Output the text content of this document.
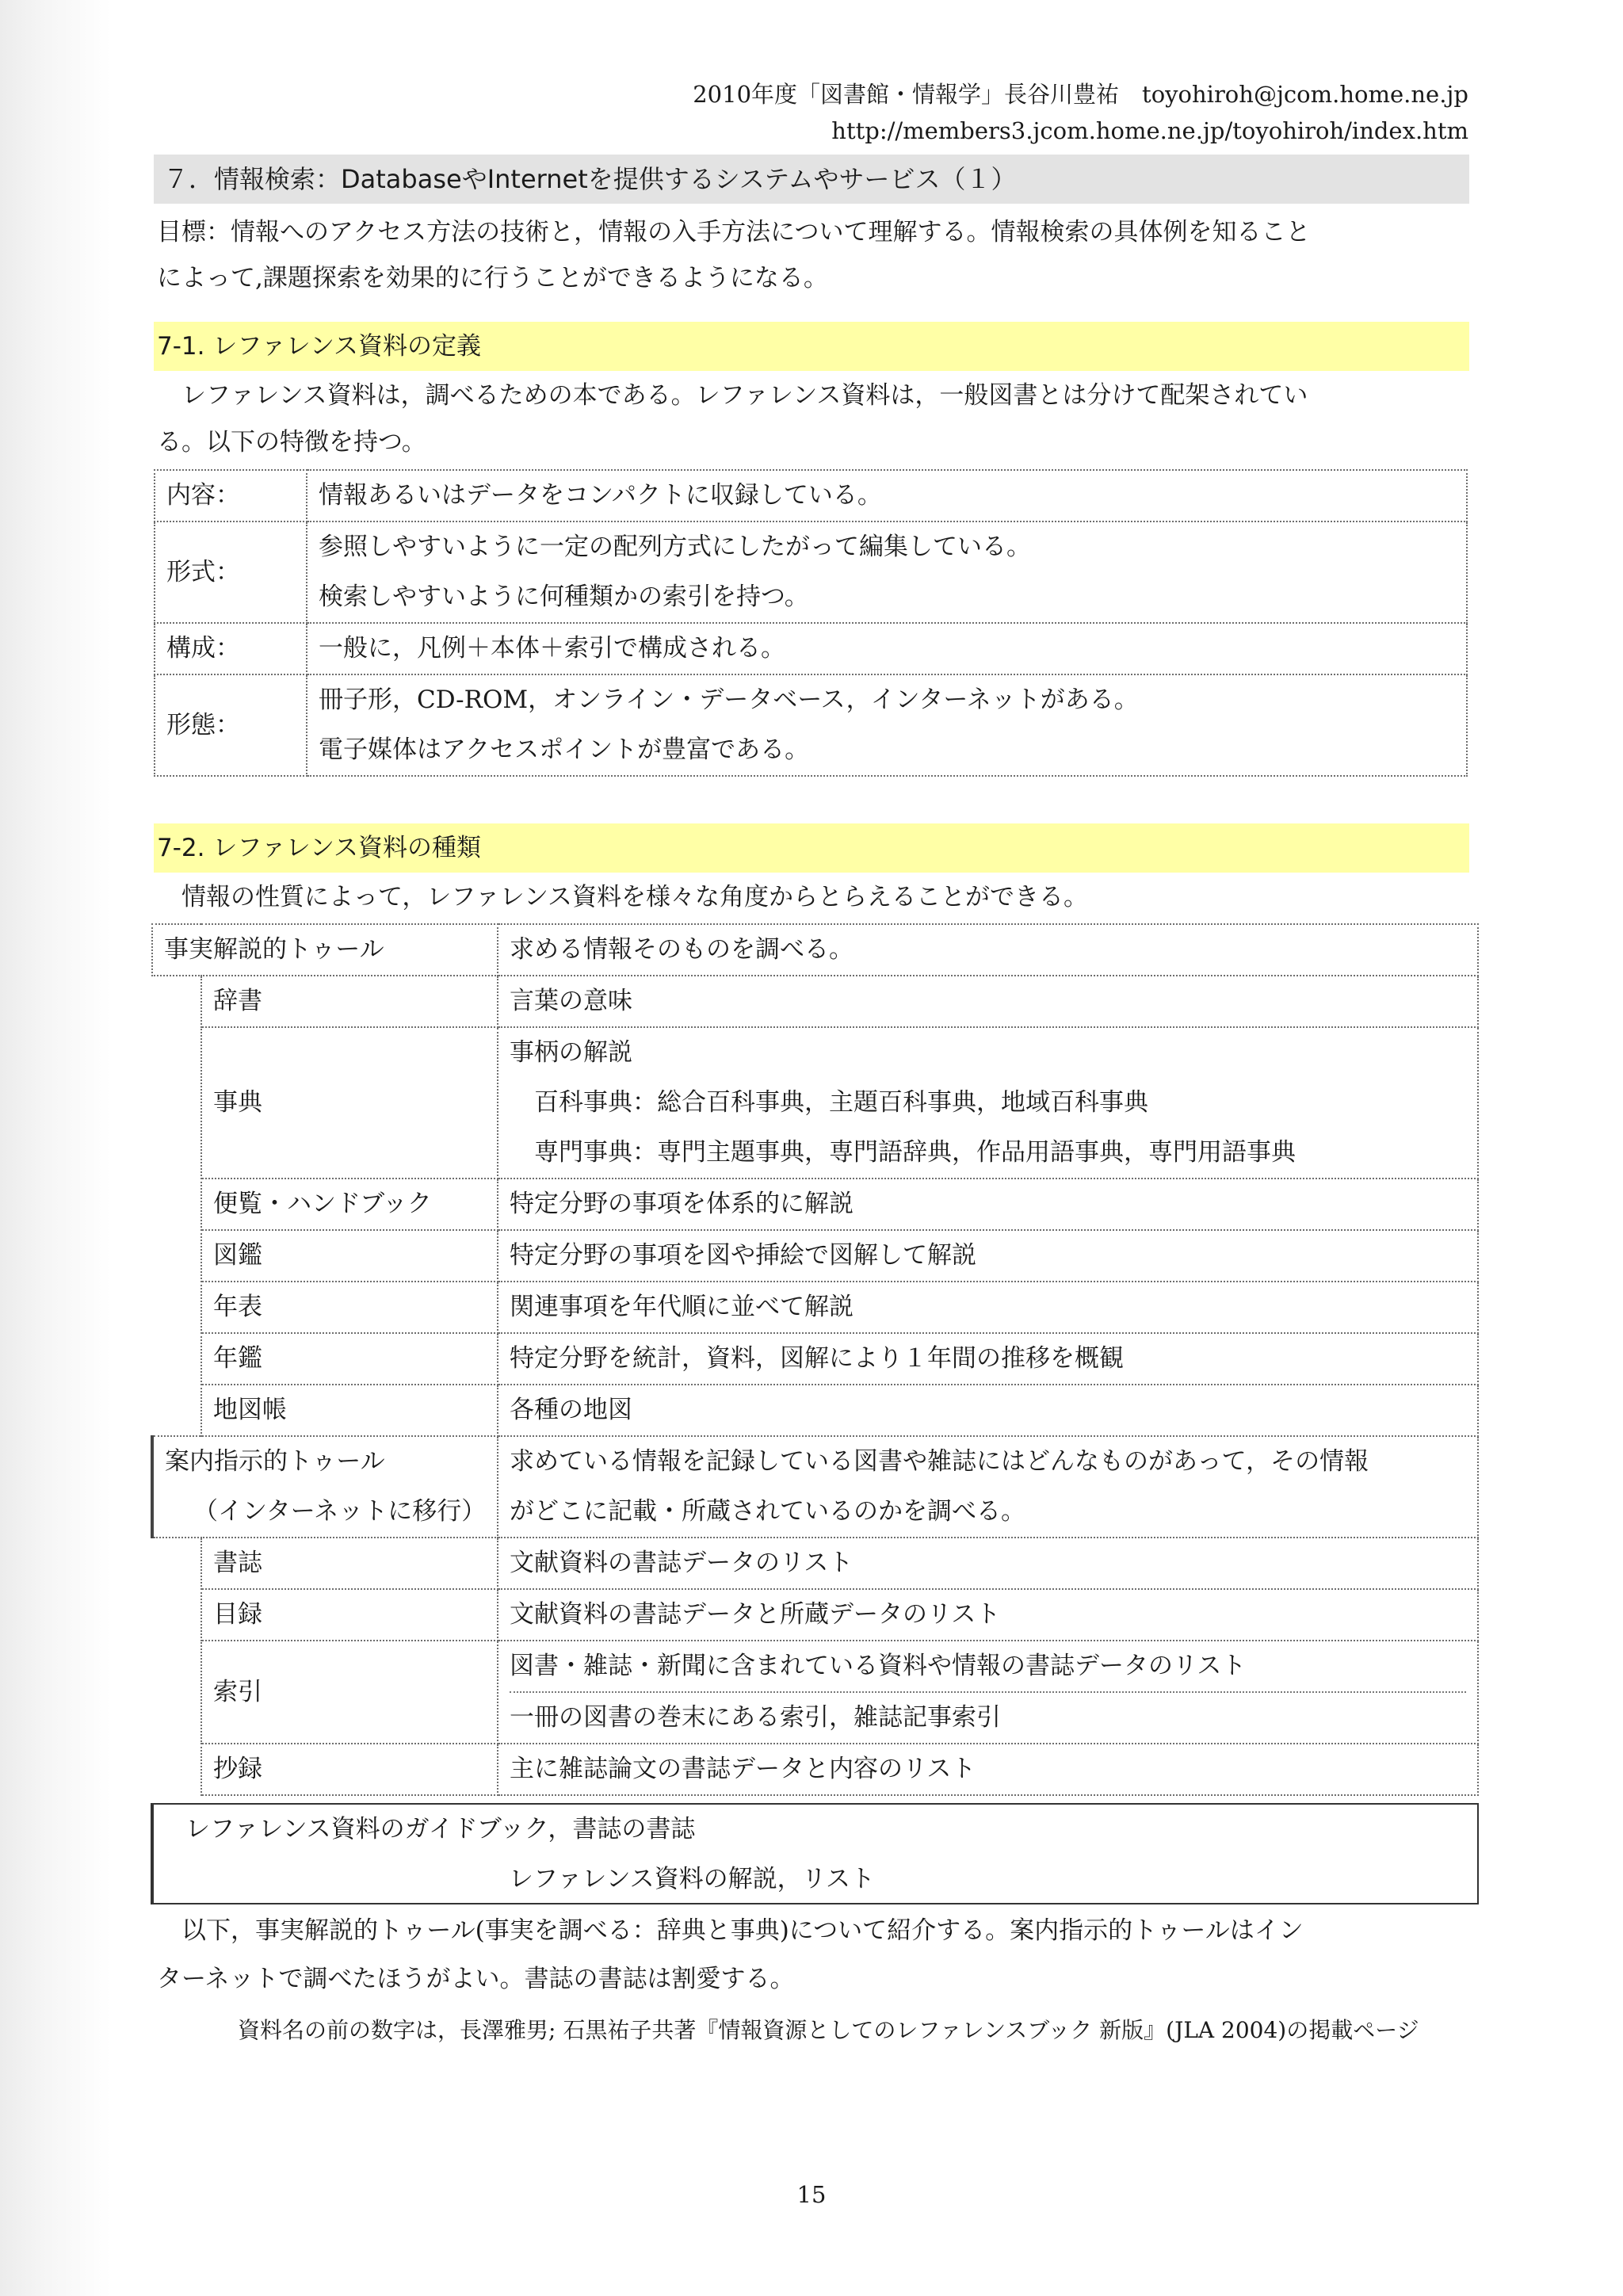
2010年度「図書館・情報学」長谷川豊祐　toyohiroh@jcom.home.ne.jp
http://members3.jcom.home.ne.jp/toyohiroh/index.htm
７．情報検索：DatabaseやInternetを提供するシステムやサービス（１）
目標：情報へのアクセス方法の技術と，情報の入手方法について理解する。情報検索の具体例を知ること
によって,課題探索を効果的に行うことができるようになる。
7-1. レファレンス資料の定義
　レファレンス資料は，調べるための本である。レファレンス資料は，一般図書とは分けて配架されてい
る。以下の特徴を持つ。
内容：	情報あるいはデータをコンパクトに収録している。

形式：	参照しやすいように一定の配列方式にしたがって編集している。
検索しやすいように何種類かの索引を持つ。

構成：	一般に，凡例＋本体＋索引で構成される。

形態：	冊子形，CD-ROM，オンライン・データベース，インターネットがある。
電子媒体はアクセスポイントが豊富である。
7-2. レファレンス資料の種類
　情報の性質によって，レファレンス資料を様々な角度からとらえることができる。
事実解説的トゥール		求める情報そのものを調べる。
	辞書	言葉の意味

	事典	事柄の解説
　百科事典：総合百科事典，主題百科事典，地域百科事典
　専門事典：専門主題事典，専門語辞典，作品用語事典，専門用語事典

	便覧・ハンドブック	特定分野の事項を体系的に解説

	図鑑	特定分野の事項を図や挿絵で図解して解説

	年表	関連事項を年代順に並べて解説

	年鑑	特定分野を統計，資料，図解により１年間の推移を概観

	地図帳	各種の地図

案内指示的トゥール
（インターネットに移行）		求めている情報を記録している図書や雑誌にはどんなものがあって，その情報
がどこに記載・所蔵されているのかを調べる。

	書誌	文献資料の書誌データのリスト

	目録	文献資料の書誌データと所蔵データのリスト

	索引	図書・雑誌・新聞に含まれている資料や情報の書誌データのリスト
一冊の図書の巻末にある索引，雑誌記事索引

	抄録	主に雑誌論文の書誌データと内容のリスト
レファレンス資料のガイドブック，書誌の書誌
レファレンス資料の解説，リスト
　以下，事実解説的トゥール(事実を調べる：辞典と事典)について紹介する。案内指示的トゥールはイン
ターネットで調べたほうがよい。書誌の書誌は割愛する。
資料名の前の数字は，長澤雅男; 石黒祐子共著『情報資源としてのレファレンスブック 新版』(JLA 2004)の掲載ページ
15
